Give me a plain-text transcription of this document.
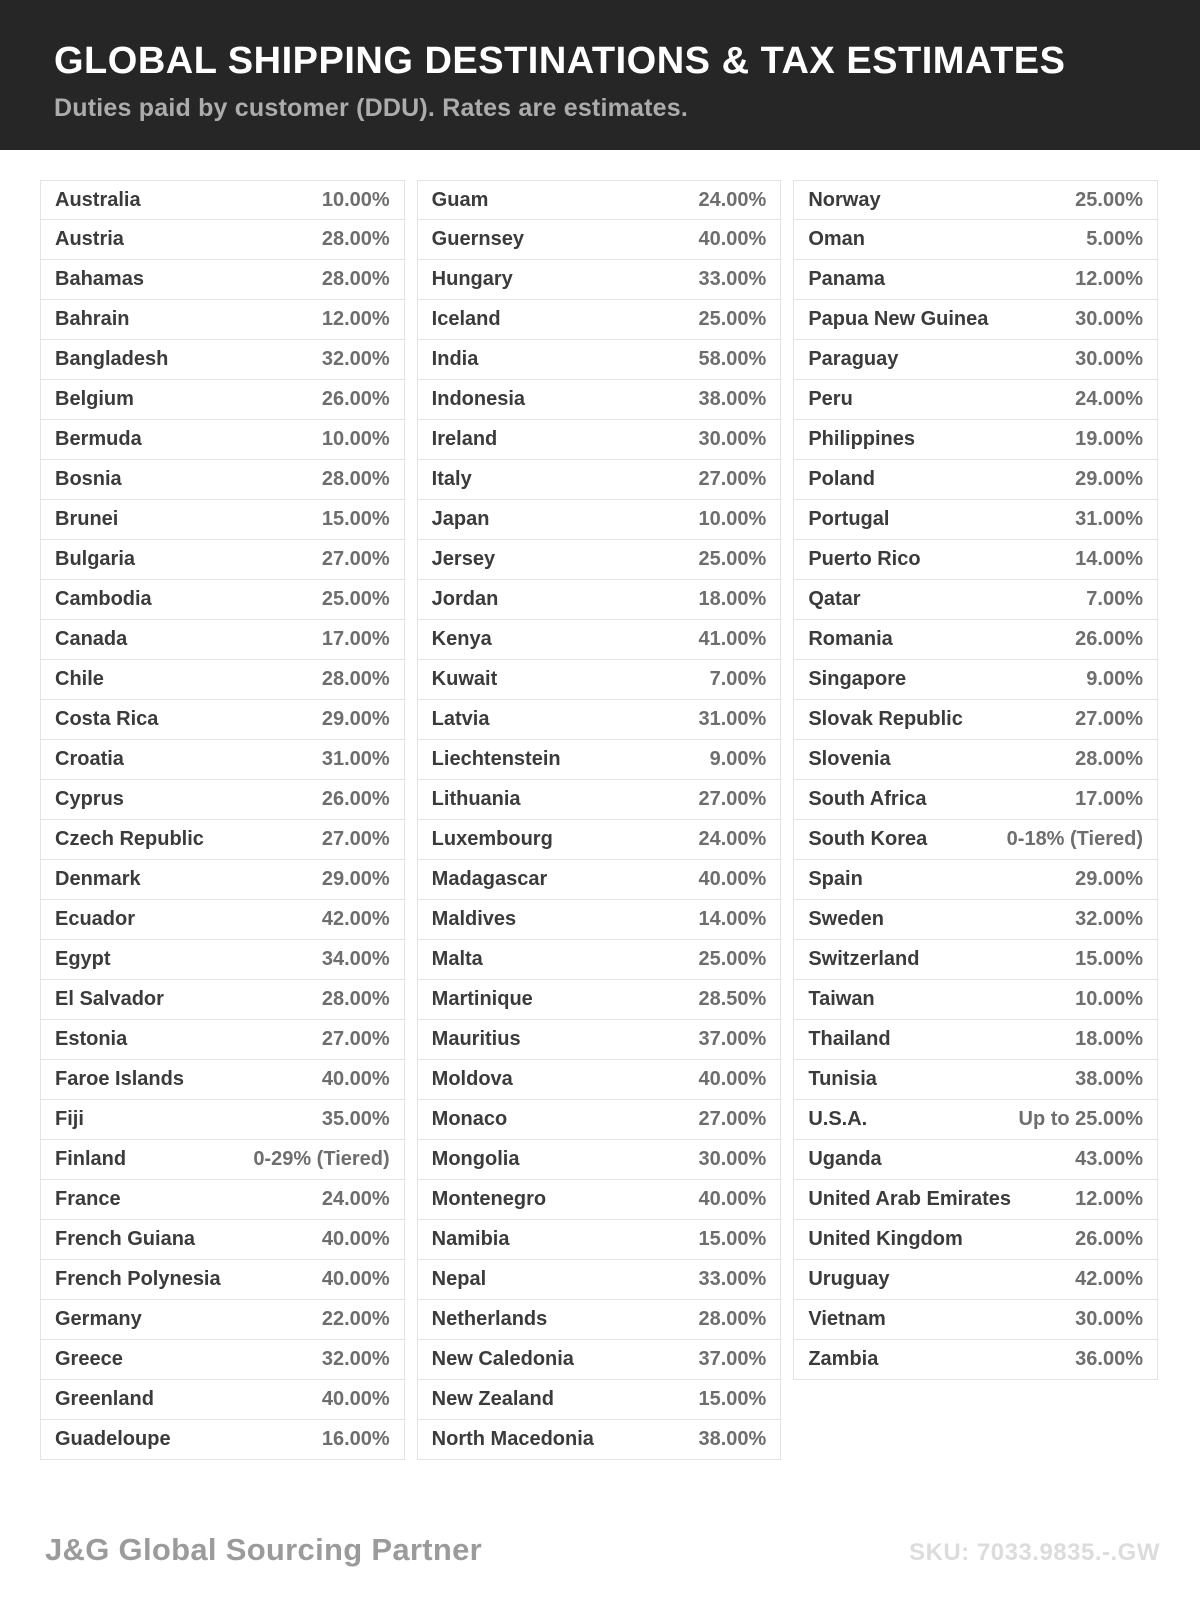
GLOBAL SHIPPING DESTINATIONS & TAX ESTIMATES
Duties paid by customer (DDU). Rates are estimates.
Australia	10.00%
Austria	28.00%
Bahamas	28.00%
Bahrain	12.00%
Bangladesh	32.00%
Belgium	26.00%
Bermuda	10.00%
Bosnia	28.00%
Brunei	15.00%
Bulgaria	27.00%
Cambodia	25.00%
Canada	17.00%
Chile	28.00%
Costa Rica	29.00%
Croatia	31.00%
Cyprus	26.00%
Czech Republic	27.00%
Denmark	29.00%
Ecuador	42.00%
Egypt	34.00%
El Salvador	28.00%
Estonia	27.00%
Faroe Islands	40.00%
Fiji	35.00%
Finland	0-29% (Tiered)
France	24.00%
French Guiana	40.00%
French Polynesia	40.00%
Germany	22.00%
Greece	32.00%
Greenland	40.00%
Guadeloupe	16.00%
Guam	24.00%
Guernsey	40.00%
Hungary	33.00%
Iceland	25.00%
India	58.00%
Indonesia	38.00%
Ireland	30.00%
Italy	27.00%
Japan	10.00%
Jersey	25.00%
Jordan	18.00%
Kenya	41.00%
Kuwait	7.00%
Latvia	31.00%
Liechtenstein	9.00%
Lithuania	27.00%
Luxembourg	24.00%
Madagascar	40.00%
Maldives	14.00%
Malta	25.00%
Martinique	28.50%
Mauritius	37.00%
Moldova	40.00%
Monaco	27.00%
Mongolia	30.00%
Montenegro	40.00%
Namibia	15.00%
Nepal	33.00%
Netherlands	28.00%
New Caledonia	37.00%
New Zealand	15.00%
North Macedonia	38.00%
Norway	25.00%
Oman	5.00%
Panama	12.00%
Papua New Guinea	30.00%
Paraguay	30.00%
Peru	24.00%
Philippines	19.00%
Poland	29.00%
Portugal	31.00%
Puerto Rico	14.00%
Qatar	7.00%
Romania	26.00%
Singapore	9.00%
Slovak Republic	27.00%
Slovenia	28.00%
South Africa	17.00%
South Korea	0-18% (Tiered)
Spain	29.00%
Sweden	32.00%
Switzerland	15.00%
Taiwan	10.00%
Thailand	18.00%
Tunisia	38.00%
U.S.A.	Up to 25.00%
Uganda	43.00%
United Arab Emirates	12.00%
United Kingdom	26.00%
Uruguay	42.00%
Vietnam	30.00%
Zambia	36.00%
J&G Global Sourcing Partner	SKU: 7033.9835.-.GW
